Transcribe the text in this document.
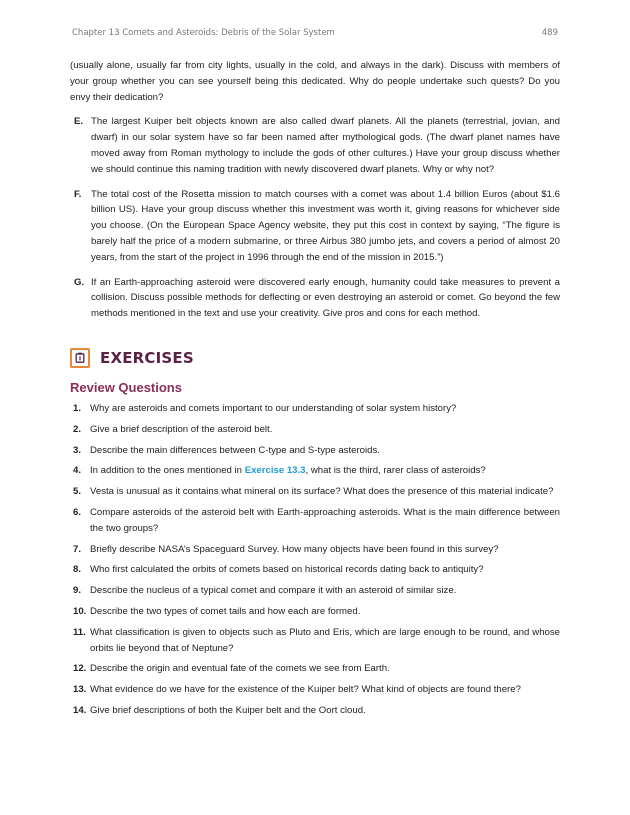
Chapter 13 Comets and Asteroids: Debris of the Solar System	489

(usually alone, usually far from city lights, usually in the cold, and always in the dark). Discuss with members of your group whether you can see yourself being this dedicated. Why do people undertake such quests? Do you envy their dedication?

E. The largest Kuiper belt objects known are also called dwarf planets. All the planets (terrestrial, jovian, and dwarf) in our solar system have so far been named after mythological gods. (The dwarf planet names have moved away from Roman mythology to include the gods of other cultures.) Have your group discuss whether we should continue this naming tradition with newly discovered dwarf planets. Why or why not?
F. The total cost of the Rosetta mission to match courses with a comet was about 1.4 billion Euros (about $1.6 billion US). Have your group discuss whether this investment was worth it, giving reasons for whichever side you choose. (On the European Space Agency website, they put this cost in context by saying, “The figure is barely half the price of a modern submarine, or three Airbus 380 jumbo jets, and covers a period of almost 20 years, from the start of the project in 1996 through the end of the mission in 2015.”)
G. If an Earth-approaching asteroid were discovered early enough, humanity could take measures to prevent a collision. Discuss possible methods for deflecting or even destroying an asteroid or comet. Go beyond the few methods mentioned in the text and use your creativity. Give pros and cons for each method.
EXERCISES
Review Questions
1. Why are asteroids and comets important to our understanding of solar system history?
2. Give a brief description of the asteroid belt.
3. Describe the main differences between C-type and S-type asteroids.
4. In addition to the ones mentioned in Exercise 13.3, what is the third, rarer class of asteroids?
5. Vesta is unusual as it contains what mineral on its surface? What does the presence of this material indicate?
6. Compare asteroids of the asteroid belt with Earth-approaching asteroids. What is the main difference between the two groups?
7. Briefly describe NASA’s Spaceguard Survey. How many objects have been found in this survey?
8. Who first calculated the orbits of comets based on historical records dating back to antiquity?
9. Describe the nucleus of a typical comet and compare it with an asteroid of similar size.
10. Describe the two types of comet tails and how each are formed.
11. What classification is given to objects such as Pluto and Eris, which are large enough to be round, and whose orbits lie beyond that of Neptune?
12. Describe the origin and eventual fate of the comets we see from Earth.
13. What evidence do we have for the existence of the Kuiper belt? What kind of objects are found there?
14. Give brief descriptions of both the Kuiper belt and the Oort cloud.
